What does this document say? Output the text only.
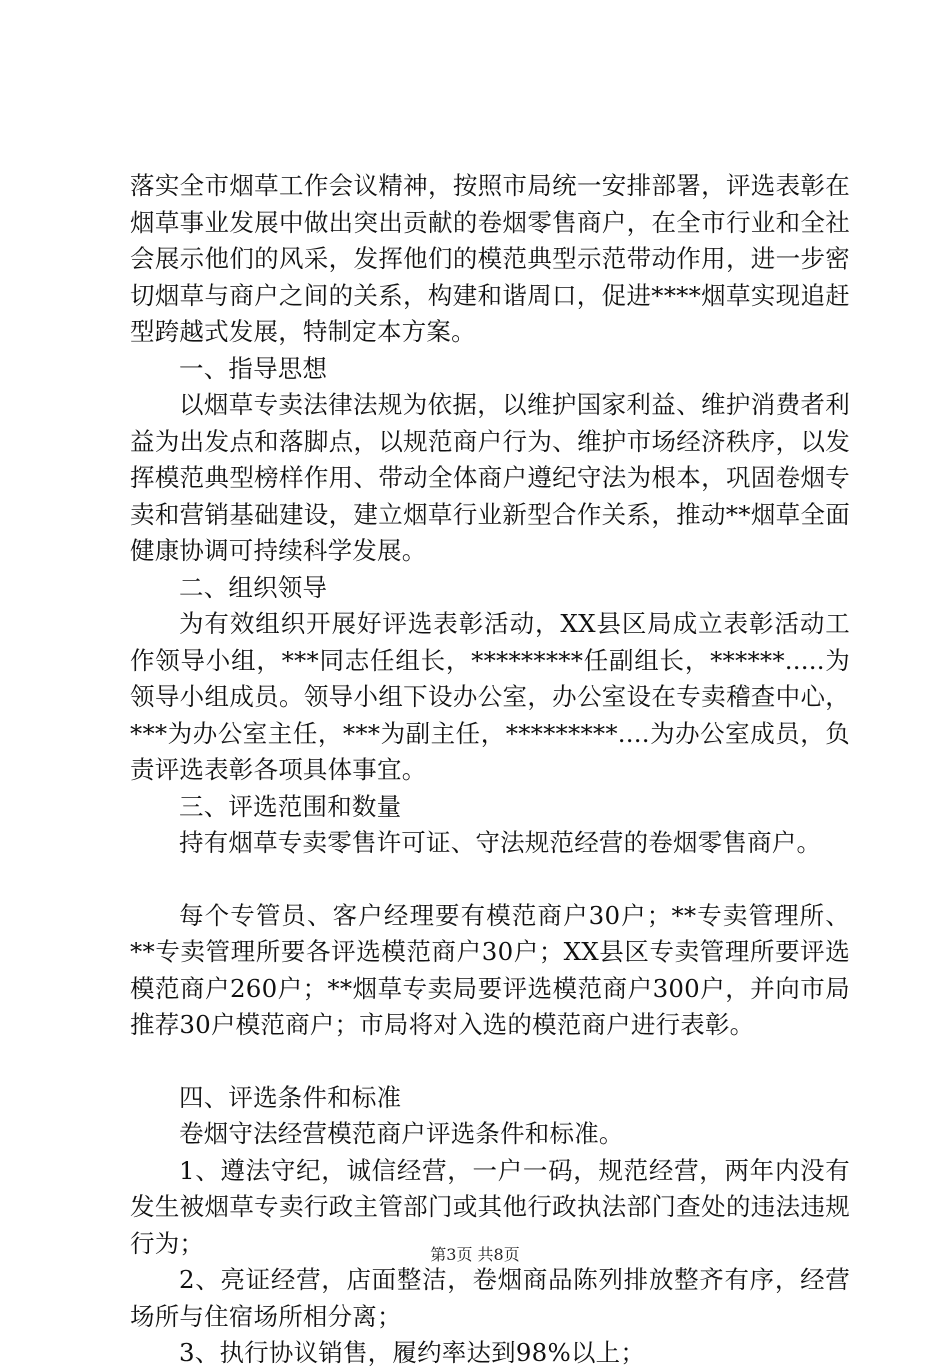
落实全市烟草工作会议精神，按照市局统一安排部署，评选表彰在烟草事业发展中做出突出贡献的卷烟零售商户，在全市行业和全社会展示他们的风采，发挥他们的模范典型示范带动作用，进一步密切烟草与商户之间的关系，构建和谐周口，促进****烟草实现追赶型跨越式发展，特制定本方案。

一、指导思想

以烟草专卖法律法规为依据，以维护国家利益、维护消费者利益为出发点和落脚点，以规范商户行为、维护市场经济秩序，以发挥模范典型榜样作用、带动全体商户遵纪守法为根本，巩固卷烟专卖和营销基础建设，建立烟草行业新型合作关系，推动**烟草全面健康协调可持续科学发展。

二、组织领导

为有效组织开展好评选表彰活动，XX县区局成立表彰活动工作领导小组，***同志任组长，*********任副组长，******.....为领导小组成员。领导小组下设办公室，办公室设在专卖稽查中心，***为办公室主任，***为副主任，*********....为办公室成员，负责评选表彰各项具体事宜。

三、评选范围和数量

持有烟草专卖零售许可证、守法规范经营的卷烟零售商户。

每个专管员、客户经理要有模范商户30户；**专卖管理所、**专卖管理所要各评选模范商户30户；XX县区专卖管理所要评选模范商户260户；**烟草专卖局要评选模范商户300户，并向市局推荐30户模范商户；市局将对入选的模范商户进行表彰。

四、评选条件和标准

卷烟守法经营模范商户评选条件和标准。

1、遵法守纪，诚信经营，一户一码，规范经营，两年内没有发生被烟草专卖行政主管部门或其他行政执法部门查处的违法违规行为；

2、亮证经营，店面整洁，卷烟商品陈列排放整齐有序，经营场所与住宿场所相分离；

3、执行协议销售，履约率达到98%以上；

第3页 共8页
